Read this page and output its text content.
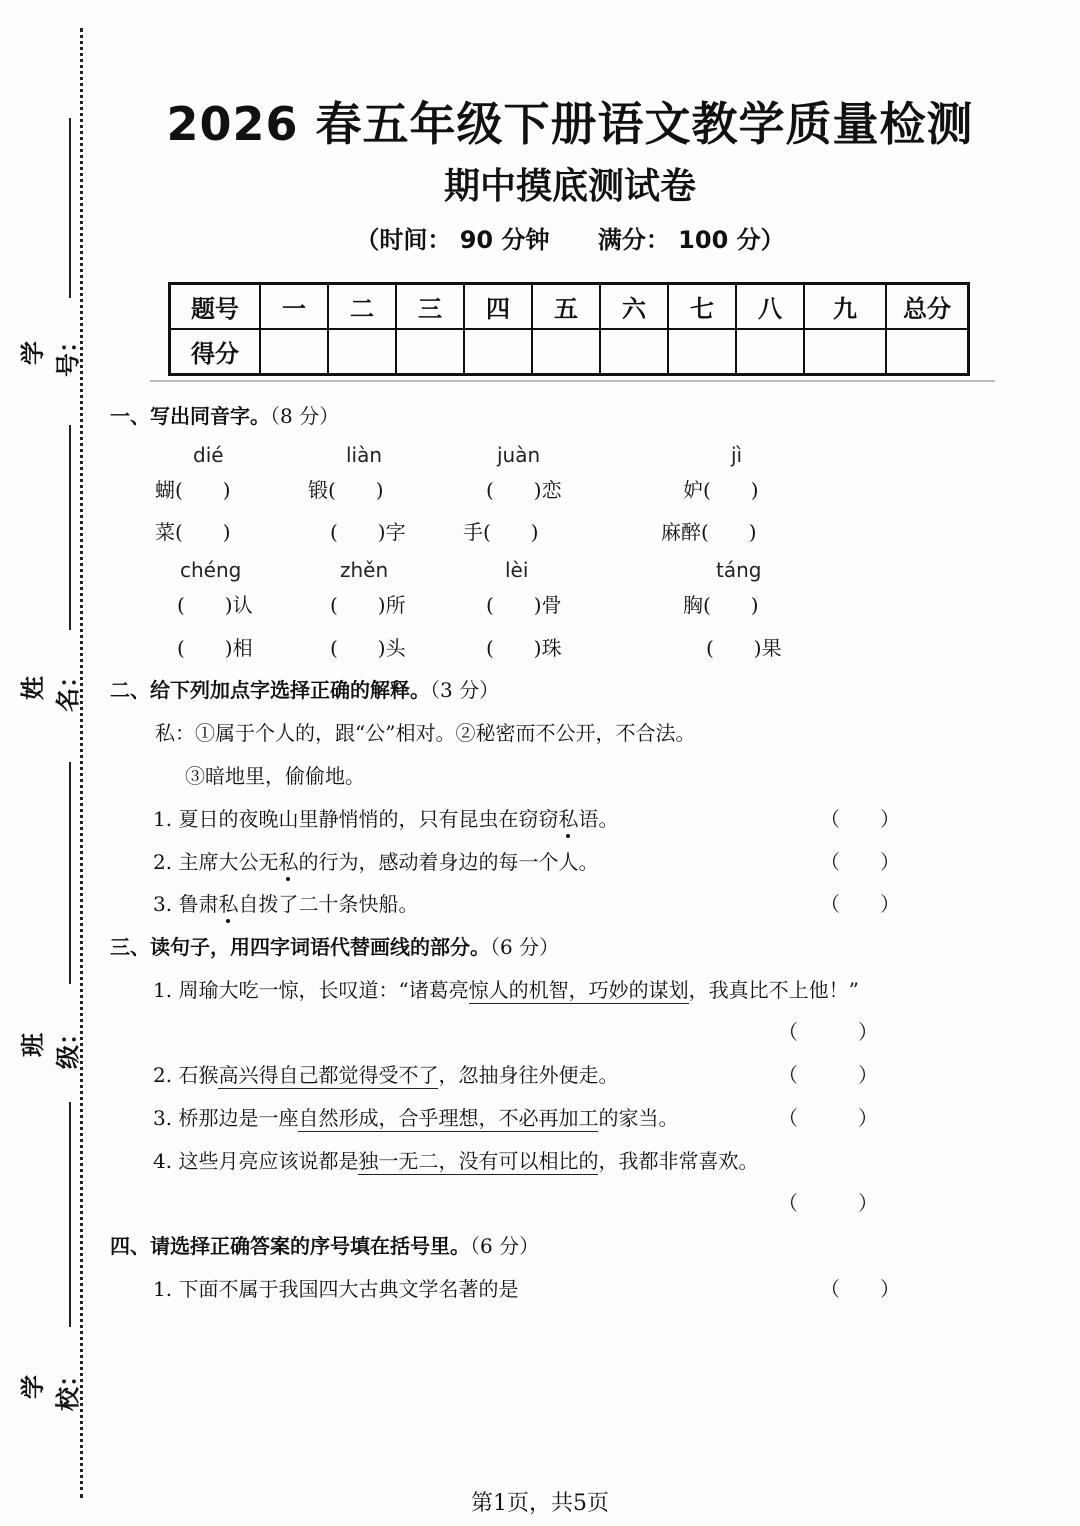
学号：
姓名：
班级：
学校：
2026 春五年级下册语文教学质量检测
期中摸底测试卷
（时间： 90 分钟 满分： 100 分）
题号	一	二	三	四	五	六	七	八	九	总分
得分										
一、写出同音字。（8 分）
dié	liàn	juàn	jì
蝴(　　)	锻(　　)	(　　)恋	妒(　　)
菜(　　)	(　　)字	手(　　)	麻醉(　　)
chéng	zhěn	lèi	táng
(　　)认	(　　)所	(　　)骨	胸(　　)
(　　)相	(　　)头	(　　)珠	(　　)果
二、给下列加点字选择正确的解释。（3 分）
私：①属于个人的，跟“公”相对。②秘密而不公开，不合法。
③暗地里，偷偷地。
1. 夏日的夜晚山里静悄悄的，只有昆虫在窃窃私语。	（　　）
2. 主席大公无私的行为，感动着身边的每一个人。	（　　）
3. 鲁肃私自拨了二十条快船。	（　　）
三、读句子，用四字词语代替画线的部分。（6 分）
1. 周瑜大吃一惊，长叹道：“诸葛亮惊人的机智，巧妙的谋划，我真比不上他！”
（　　　）
2. 石猴高兴得自己都觉得受不了，忽抽身往外便走。	（　　　）
3. 桥那边是一座自然形成，合乎理想，不必再加工的家当。	（　　　）
4. 这些月亮应该说都是独一无二，没有可以相比的，我都非常喜欢。
（　　　）
四、请选择正确答案的序号填在括号里。（6 分）
1. 下面不属于我国四大古典文学名著的是	（　　）
第1页，共5页
